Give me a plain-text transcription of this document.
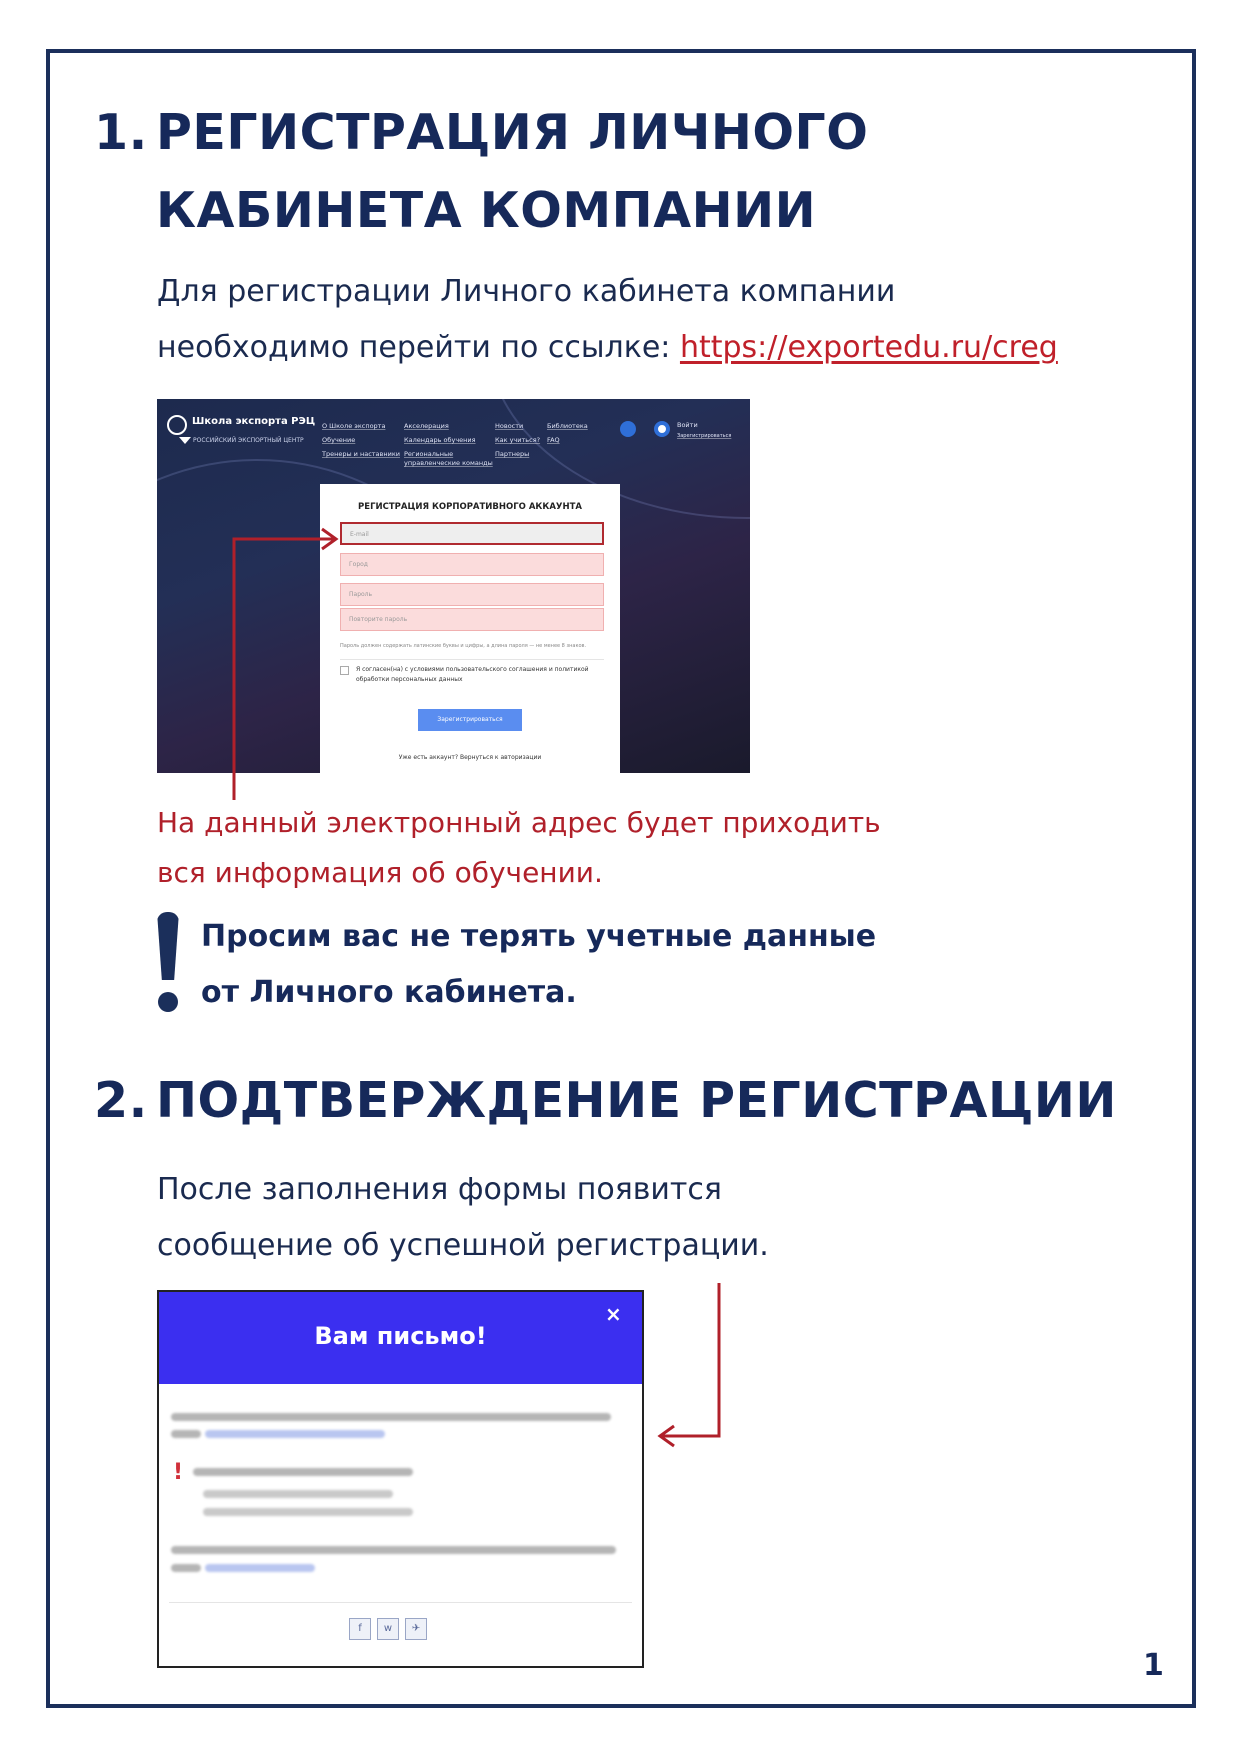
1. РЕГИСТРАЦИЯ ЛИЧНОГО
КАБИНЕТА КОМПАНИИ
Для регистрации Личного кабинета компании
необходимо перейти по ссылке: https://exportedu.ru/creg
Школа экспорта РЭЦ
РОССИЙСКИЙ ЭКСПОРТНЫЙ ЦЕНТР
О Школе экспорта
Обучение
Тренеры и наставники
Акселерация
Календарь обучения
Региональные
управленческие команды
Новости
Как учиться?
Партнеры
Библиотека
FAQ
Войти
Зарегистрироваться
РЕГИСТРАЦИЯ КОРПОРАТИВНОГО АККАУНТА
E-mail
Город
Пароль
Повторите пароль
Пароль должен содержать латинские буквы и цифры, а длина пароля — не менее 8 знаков.
Я согласен(на) с условиями пользовательского соглашения и политикой
обработки персональных данных
Зарегистрироваться
Уже есть аккаунт? Вернуться к авторизации
На данный электронный адрес будет приходить
вся информация об обучении.
Просим вас не терять учетные данные
от Личного кабинета.
2. ПОДТВЕРЖДЕНИЕ РЕГИСТРАЦИИ
После заполнения формы появится
сообщение об успешной регистрации.
Вам письмо!
×
!
f	w	✈
1
